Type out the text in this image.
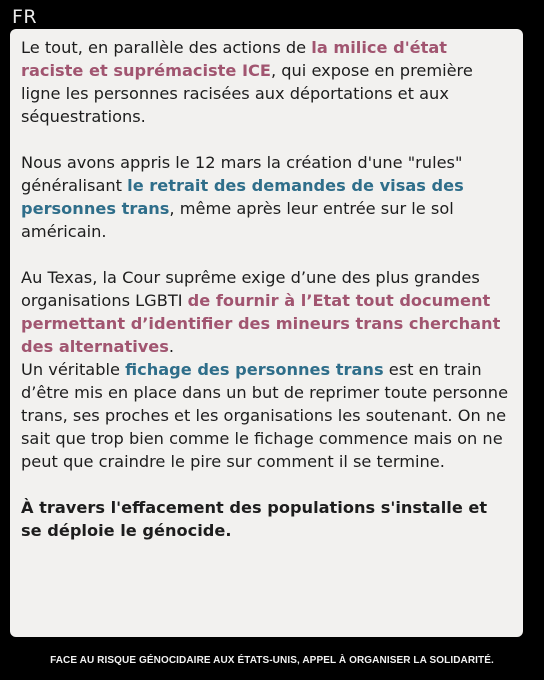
FR

Le tout, en parallèle des actions de la milice d'état raciste et suprémaciste ICE, qui expose en première ligne les personnes racisées aux déportations et aux séquestrations.

Nous avons appris le 12 mars la création d'une "rules" généralisant le retrait des demandes de visas des personnes trans, même après leur entrée sur le sol américain.

Au Texas, la Cour suprême exige d’une des plus grandes organisations LGBTI de fournir à l’Etat tout document permettant d’identifier des mineurs trans cherchant des alternatives.

Un véritable fichage des personnes trans est en train d’être mis en place dans un but de reprimer toute personne trans, ses proches et les organisations les soutenant. On ne sait que trop bien comme le fichage commence mais on ne peut que craindre le pire sur comment il se termine.

À travers l'effacement des populations s'installe et se déploie le génocide.

FACE AU RISQUE GÉNOCIDAIRE AUX ÉTATS-UNIS, APPEL À ORGANISER LA SOLIDARITÉ.
